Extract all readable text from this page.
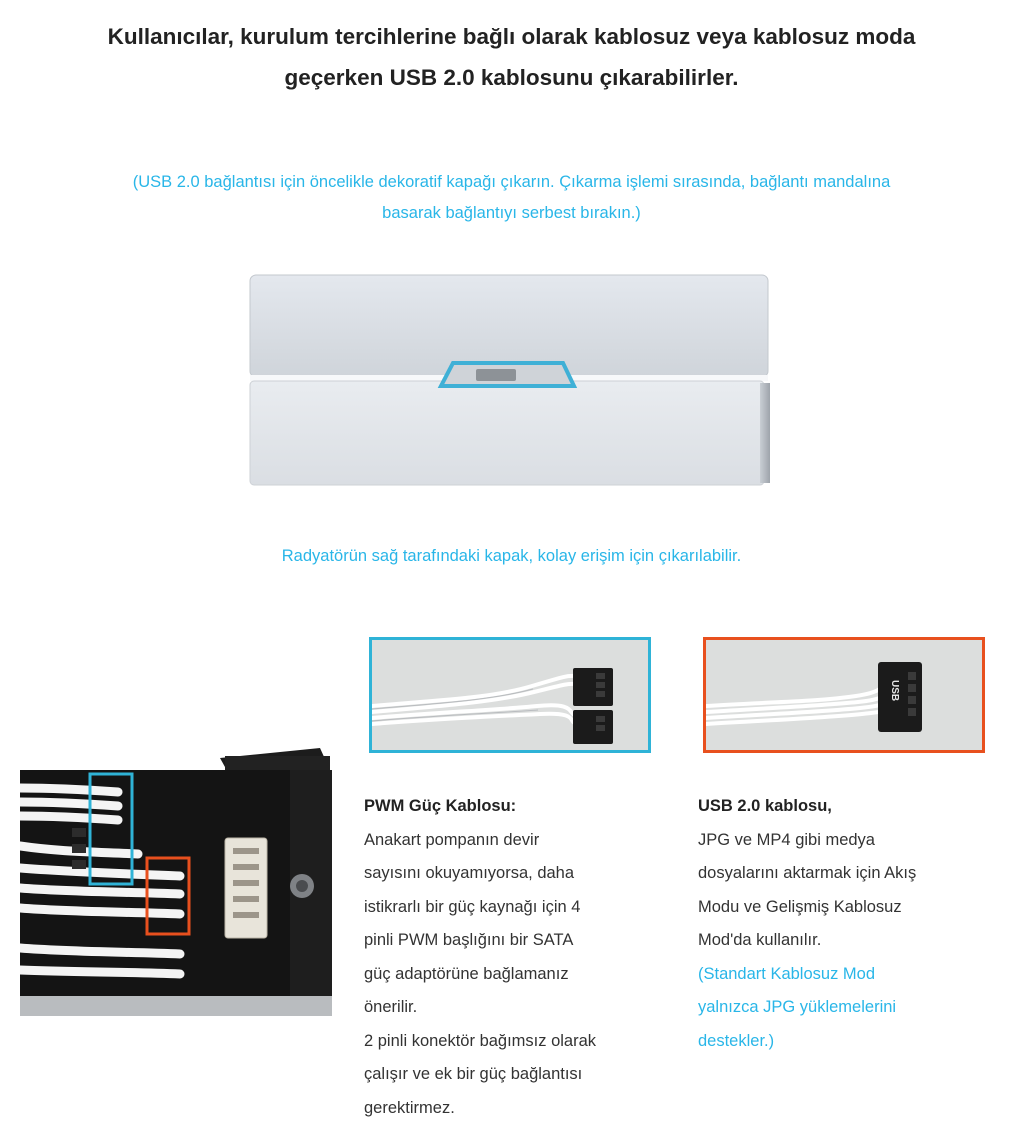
Kullanıcılar, kurulum tercihlerine bağlı olarak kablosuz veya kablosuz moda
geçerken USB 2.0 kablosunu çıkarabilirler.
(USB 2.0 bağlantısı için öncelikle dekoratif kapağı çıkarın. Çıkarma işlemi sırasında, bağlantı mandalına
basarak bağlantıyı serbest bırakın.)
Radyatörün sağ tarafındaki kapak, kolay erişim için çıkarılabilir.
USB
PWM Güç Kablosu:
Anakart pompanın devir
sayısını okuyamıyorsa, daha
istikrarlı bir güç kaynağı için 4
pinli PWM başlığını bir SATA
güç adaptörüne bağlamanız
önerilir.
2 pinli konektör bağımsız olarak
çalışır ve ek bir güç bağlantısı
gerektirmez.
USB 2.0 kablosu,
JPG ve MP4 gibi medya
dosyalarını aktarmak için Akış
Modu ve Gelişmiş Kablosuz
Mod'da kullanılır.
(Standart Kablosuz Mod
yalnızca JPG yüklemelerini
destekler.)
